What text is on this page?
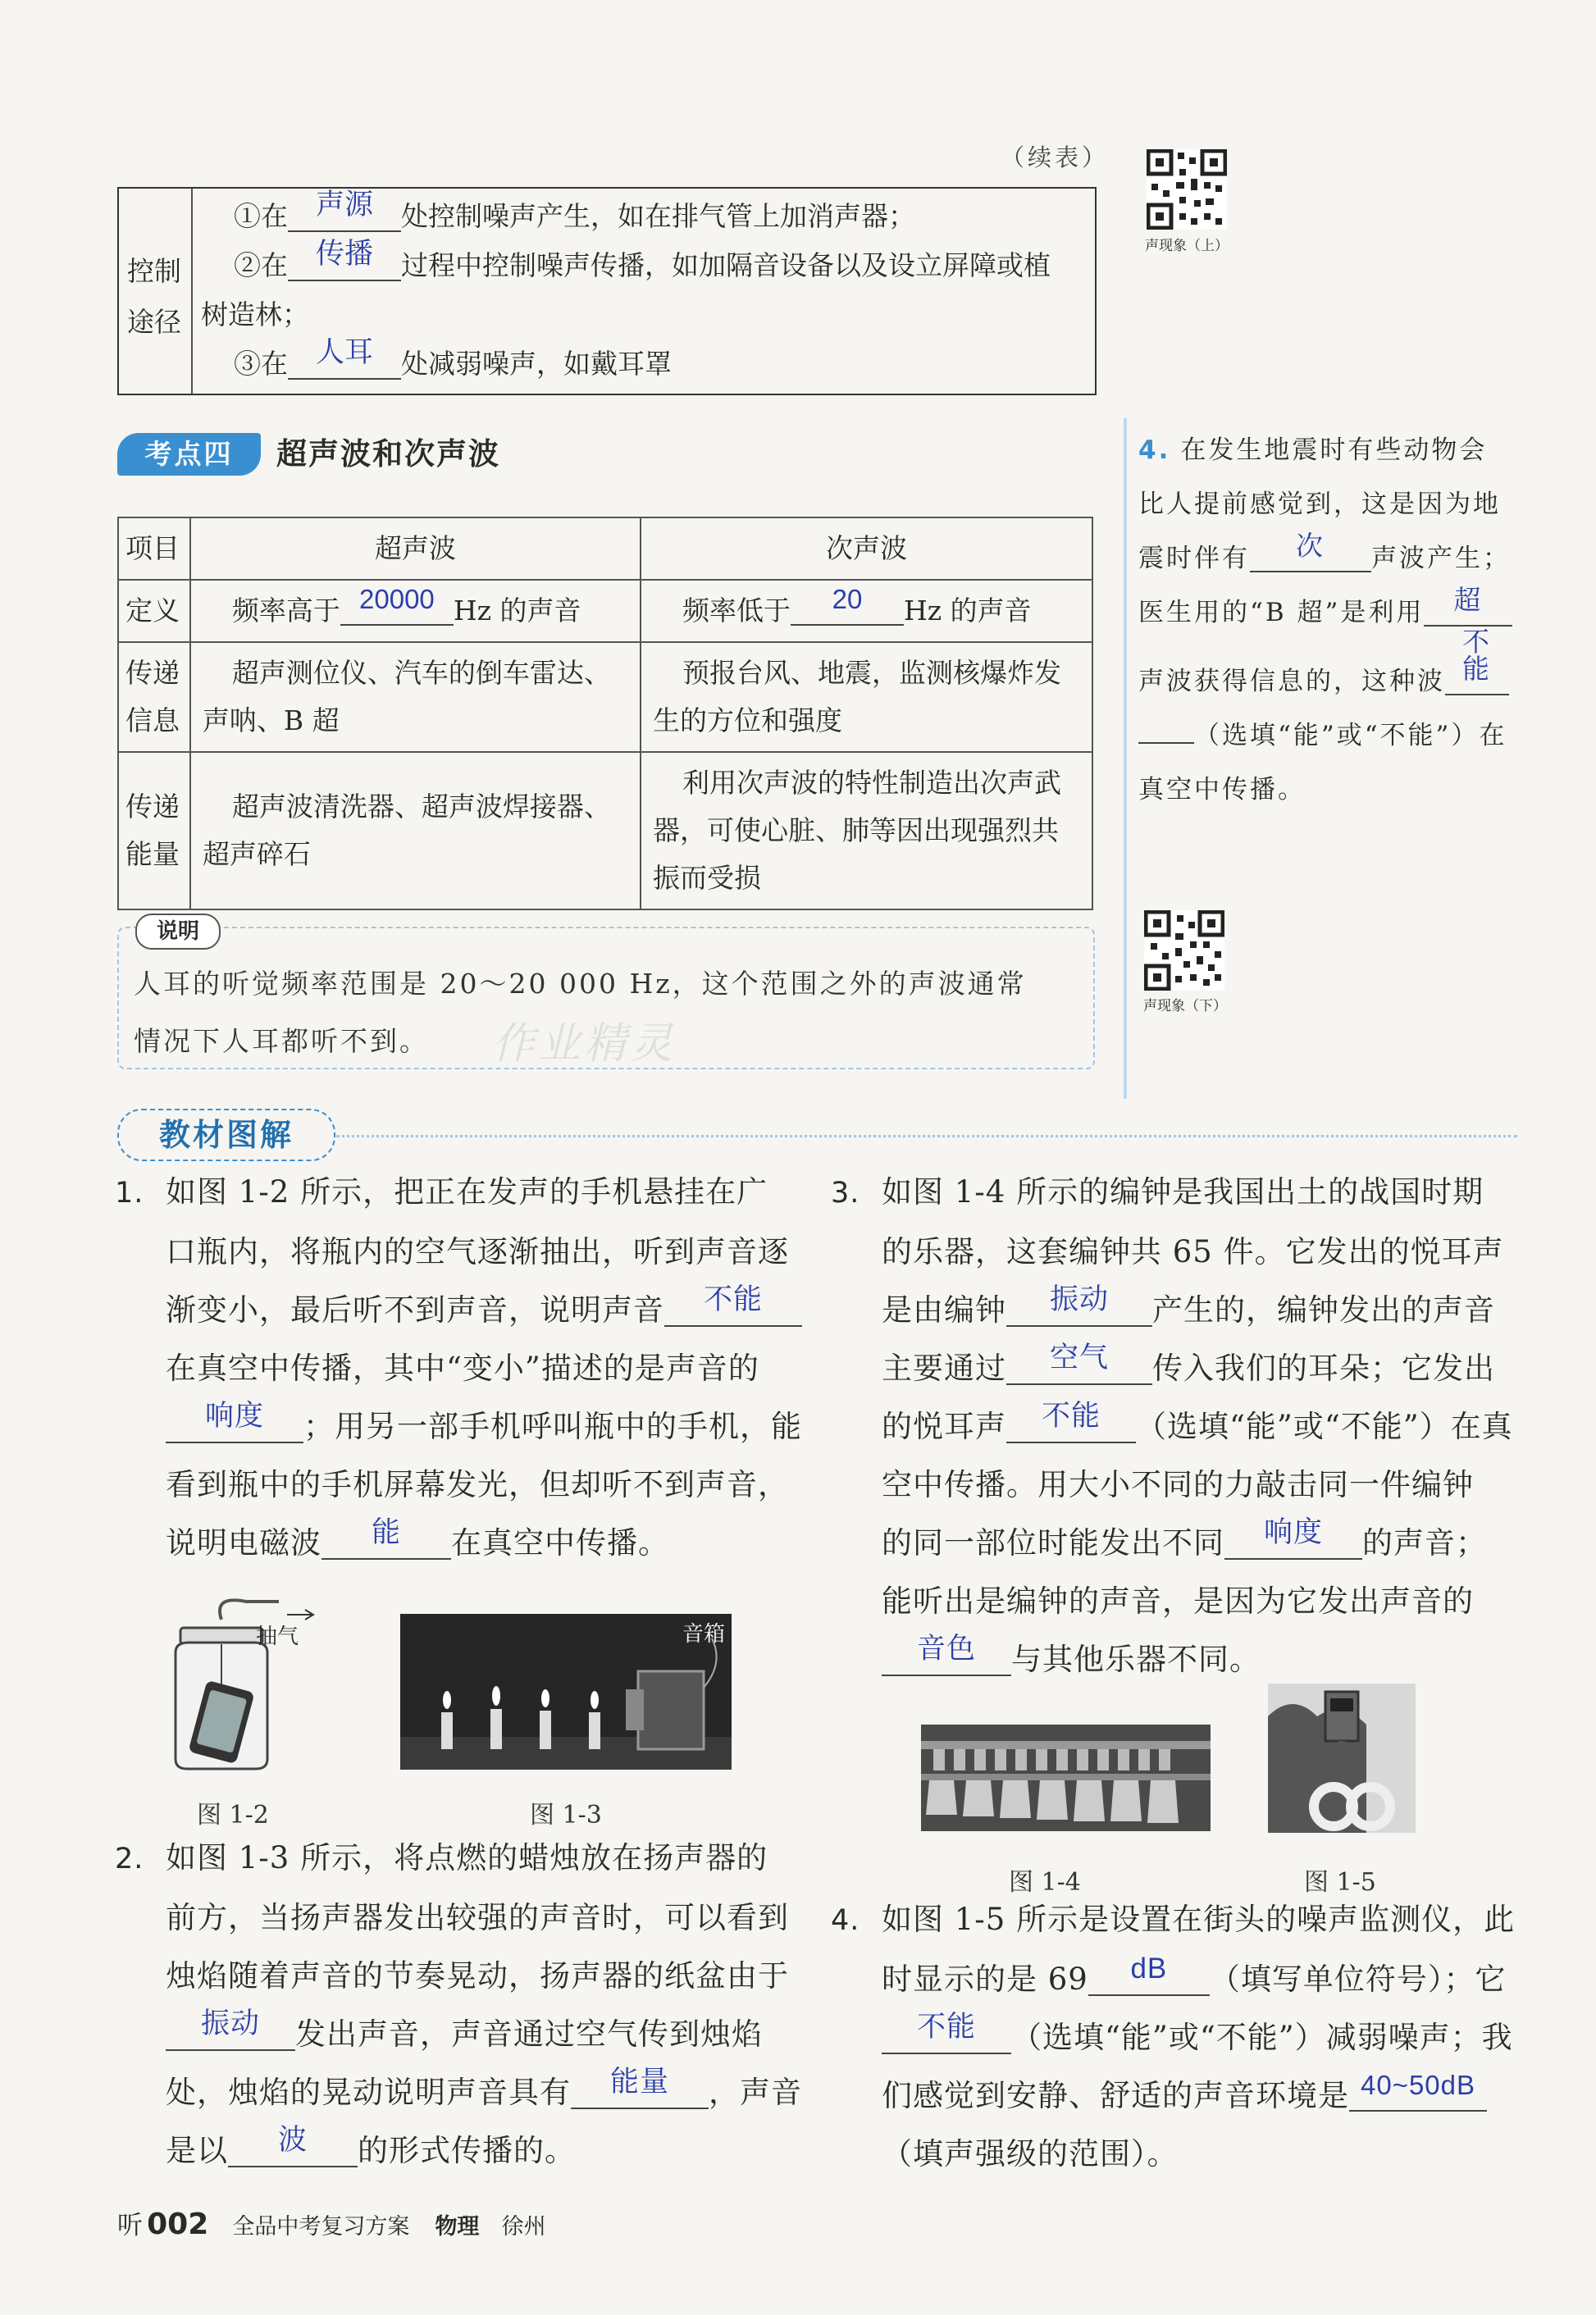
（续表）
控制
途径
①在 声源 处控制噪声产生，如在排气管上加消声器；
②在 传播 过程中控制噪声传播，如加隔音设备以及设立屏障或植
树造林；
③在 人耳 处减弱噪声，如戴耳罩
声现象（上）
考点四	超声波和次声波
项目	超声波	次声波
定义	频率高于 20000 Hz 的声音	频率低于 20 Hz 的声音

传递
信息	超声测位仪、汽车的倒车雷达、声呐、B 超	预报台风、地震，监测核爆炸发生的方位和强度

传递
能量	超声波清洗器、超声波焊接器、超声碎石	利用次声波的特性制造出次声武器，可使心脏、肺等因出现强烈共振而受损
说明
人耳的听觉频率范围是 20～20 000 Hz，这个范围之外的声波通常
情况下人耳都听不到。	作业精灵
4. 在发生地震时有些动物会
比人提前感觉到，这是因为地
震时伴有 次 声波产生；
医生用的“B 超”是利用 超
声波获得信息的，这种波不能
（选填“能”或“不能”）在
真空中传播。
声现象（下）
教材图解
1. 如图 1-2 所示，把正在发声的手机悬挂在广
口瓶内，将瓶内的空气逐渐抽出，听到声音逐
渐变小，最后听不到声音，说明声音 不能
在真空中传播，其中“变小”描述的是声音的
响度 ；用另一部手机呼叫瓶中的手机，能
看到瓶中的手机屏幕发光，但却听不到声音，
说明电磁波 能 在真空中传播。
抽气
图 1-2
音箱
图 1-3
2. 如图 1-3 所示，将点燃的蜡烛放在扬声器的
前方，当扬声器发出较强的声音时，可以看到
烛焰随着声音的节奏晃动，扬声器的纸盆由于
振动 发出声音，声音通过空气传到烛焰
处，烛焰的晃动说明声音具有 能量 ，声音
是以 波 的形式传播的。
3. 如图 1-4 所示的编钟是我国出土的战国时期
的乐器，这套编钟共 65 件。它发出的悦耳声
是由编钟 振动 产生的，编钟发出的声音
主要通过 空气 传入我们的耳朵；它发出
的悦耳声 不能 （选填“能”或“不能”）在真
空中传播。用大小不同的力敲击同一件编钟
的同一部位时能发出不同 响度 的声音；
能听出是编钟的声音，是因为它发出声音的
音色 与其他乐器不同。
图 1-4	图 1-5
4. 如图 1-5 所示是设置在街头的噪声监测仪，此
时显示的是 69 dB （填写单位符号）；它
不能 （选填“能”或“不能”）减弱噪声；我
们感觉到安静、舒适的声音环境是 40~50dB
（填声强级的范围）。
听 002 全品中考复习方案 物理 徐州
